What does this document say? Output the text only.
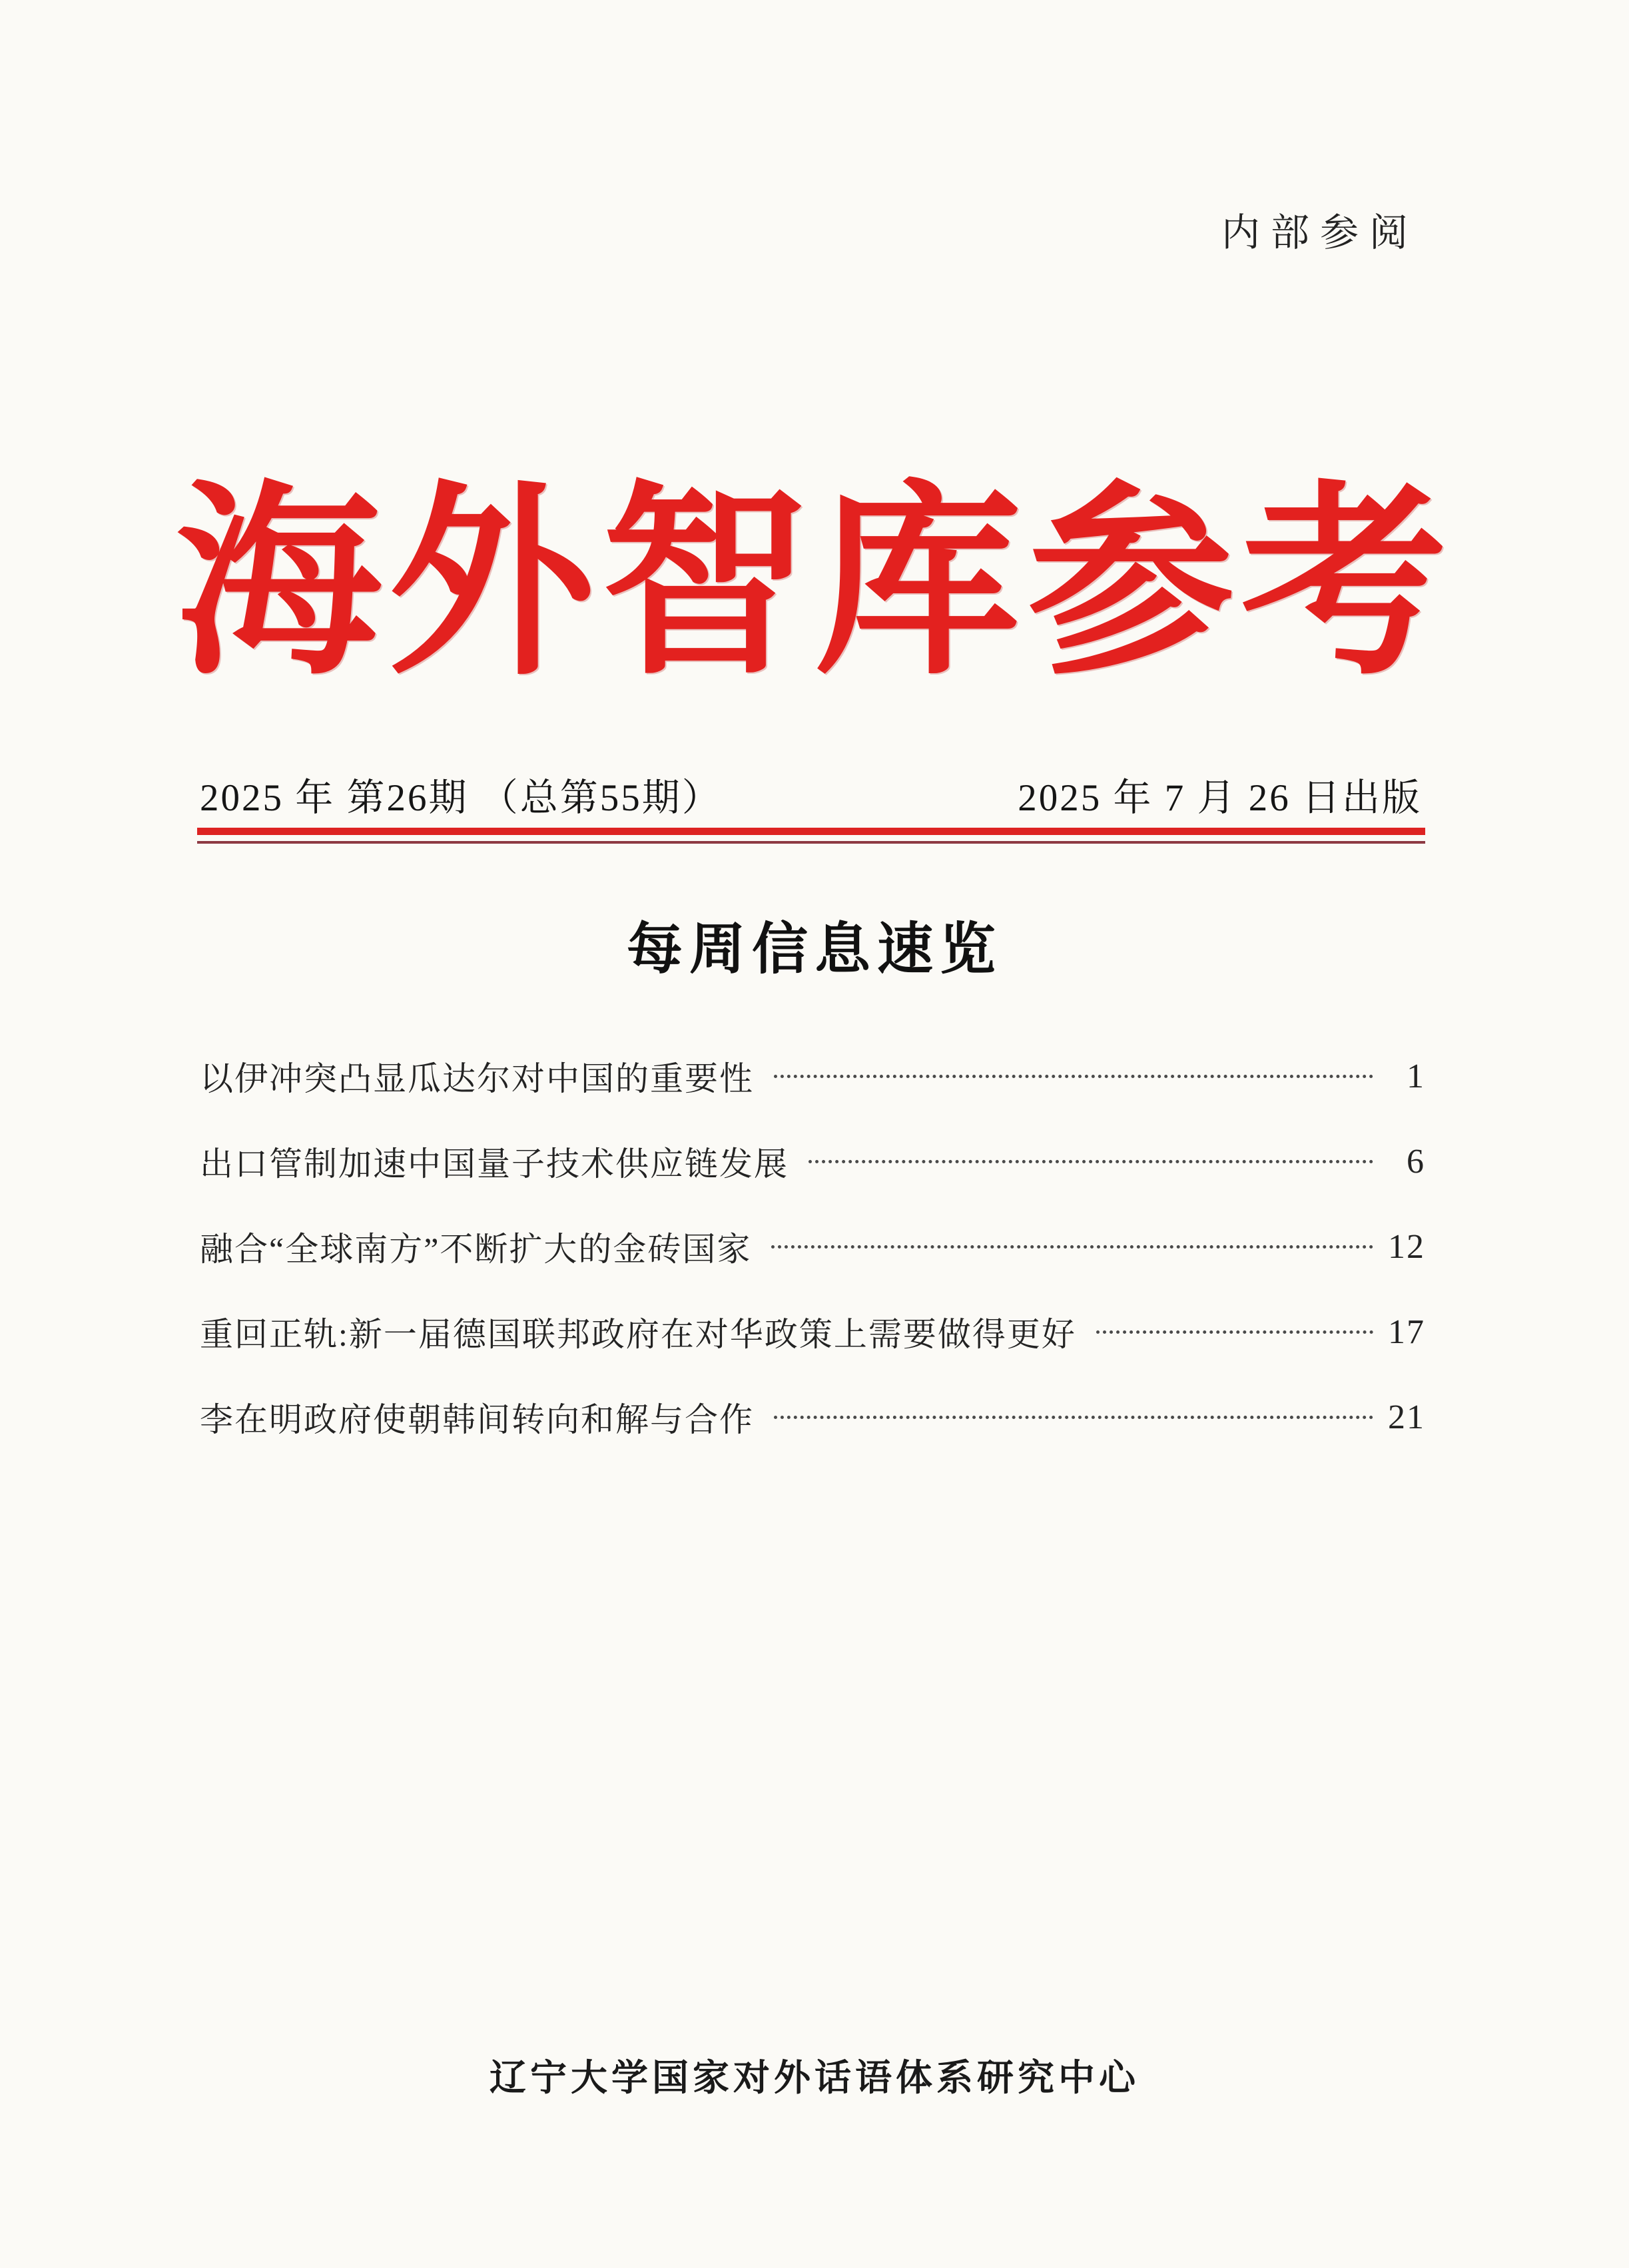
内部参阅
海外智库参考
2025 年 第26期 （总第55期）	2025 年 7 月 26 日出版
每周信息速览
以伊冲突凸显瓜达尔对中国的重要性	1
出口管制加速中国量子技术供应链发展	6
融合“全球南方”不断扩大的金砖国家	12
重回正轨:新一届德国联邦政府在对华政策上需要做得更好	17
李在明政府使朝韩间转向和解与合作	21
辽宁大学国家对外话语体系研究中心
